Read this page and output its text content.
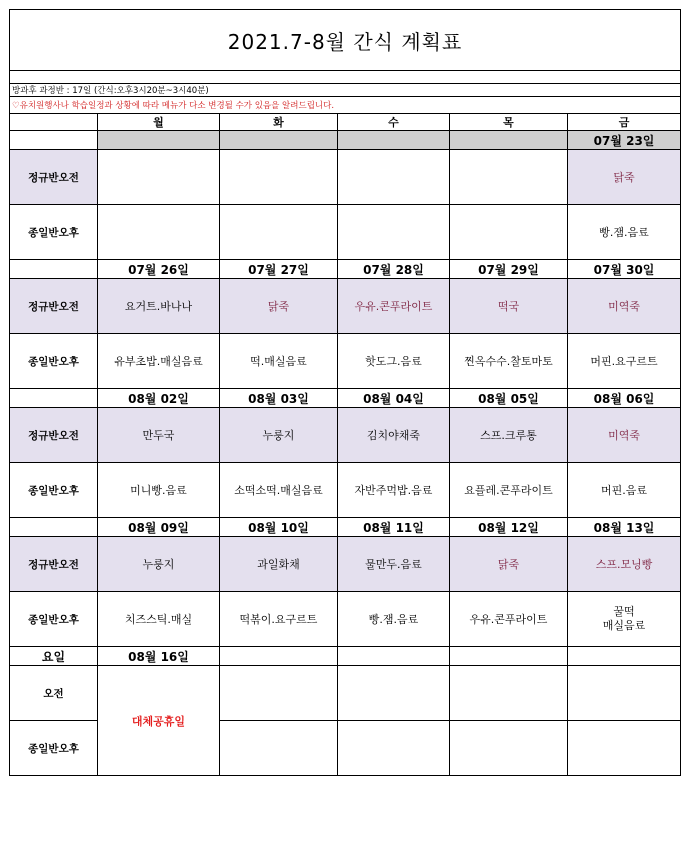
2021.7-8월 간식 계획표					

방과후 과정반 : 17일 (간식:오후3시20분~3시40분)					
♡유치원행사나 학습일정과 상황에 따라 메뉴가 다소 변경될 수가 있음을 알려드립니다.					
	월	화	수	목	금
					07월 23일
정규반오전					닭죽
종일반오후					빵.잼.음료
	07월 26일	07월 27일	07월 28일	07월 29일	07월 30일
정규반오전	요거트.바나나	닭죽	우유.콘푸라이트	떡국	미역죽
종일반오후	유부초밥.매실음료	떡.매실음료	핫도그.음료	찐옥수수.찰토마토	머핀.요구르트
	08월 02일	08월 03일	08월 04일	08월 05일	08월 06일
정규반오전	만두국	누룽지	김치야채죽	스프.크루통	미역죽
종일반오후	미니빵.음료	소떡소떡.매실음료	자반주먹밥.음료	요플레.콘푸라이트	머핀.음료
	08월 09일	08월 10일	08월 11일	08월 12일	08월 13일
정규반오전	누룽지	과일화채	물만두.음료	닭죽	스프.모닝빵
종일반오후	치즈스틱.매실	떡볶이.요구르트	빵.잼.음료	우유.콘푸라이트	꿀떡
매실음료
요일	08월 16일				
오전	대체공휴일				
종일반오후					
